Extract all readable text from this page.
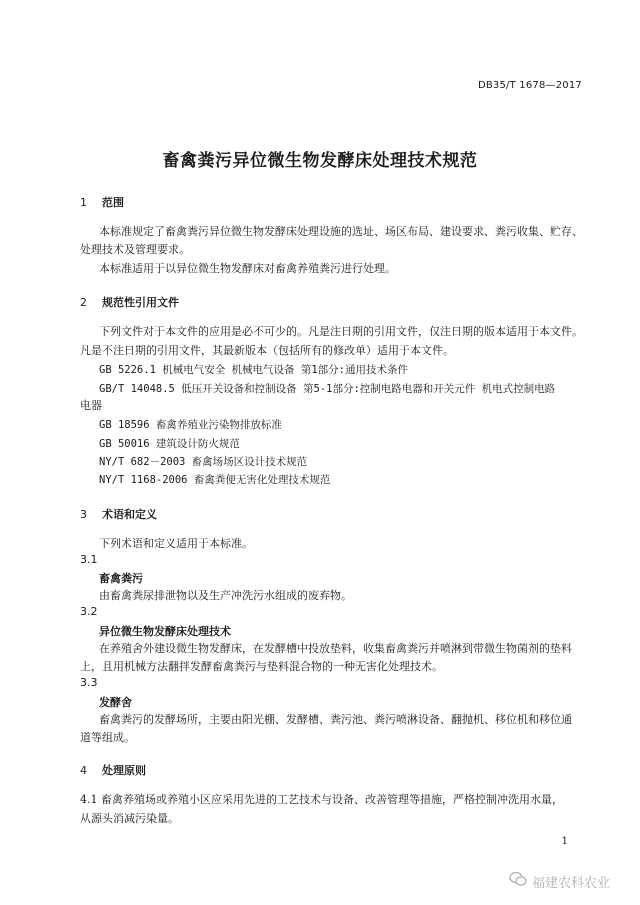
DB35/T 1678—2017
畜禽粪污异位微生物发酵床处理技术规范
1 范围
本标准规定了畜禽粪污异位微生物发酵床处理设施的选址、场区布局、建设要求、粪污收集、贮存、
处理技术及管理要求。
本标准适用于以异位微生物发酵床对畜禽养殖粪污进行处理。
2 规范性引用文件
下列文件对于本文件的应用是必不可少的。凡是注日期的引用文件，仅注日期的版本适用于本文件。
凡是不注日期的引用文件，其最新版本（包括所有的修改单）适用于本文件。
GB 5226.1 机械电气安全 机械电气设备 第1部分:通用技术条件
GB/T 14048.5 低压开关设备和控制设备 第5-1部分:控制电路电器和开关元件 机电式控制电路
电器
GB 18596 畜禽养殖业污染物排放标准
GB 50016 建筑设计防火规范
NY/T 682－2003 畜禽场场区设计技术规范
NY/T 1168-2006 畜禽粪便无害化处理技术规范
3 术语和定义
下列术语和定义适用于本标准。
3.1
畜禽粪污
由畜禽粪尿排泄物以及生产冲洗污水组成的废弃物。
3.2
异位微生物发酵床处理技术
在养殖舍外建设微生物发酵床，在发酵槽中投放垫料，收集畜禽粪污并喷淋到带微生物菌剂的垫料
上，且用机械方法翻拌发酵畜禽粪污与垫料混合物的一种无害化处理技术。
3.3
发酵舍
畜禽粪污的发酵场所，主要由阳光棚、发酵槽、粪污池、粪污喷淋设备、翻抛机、移位机和移位通
道等组成。
4 处理原则
4.1 畜禽养殖场或养殖小区应采用先进的工艺技术与设备、改善管理等措施，严格控制冲洗用水量，
从源头消减污染量。
1
福建农科农业
